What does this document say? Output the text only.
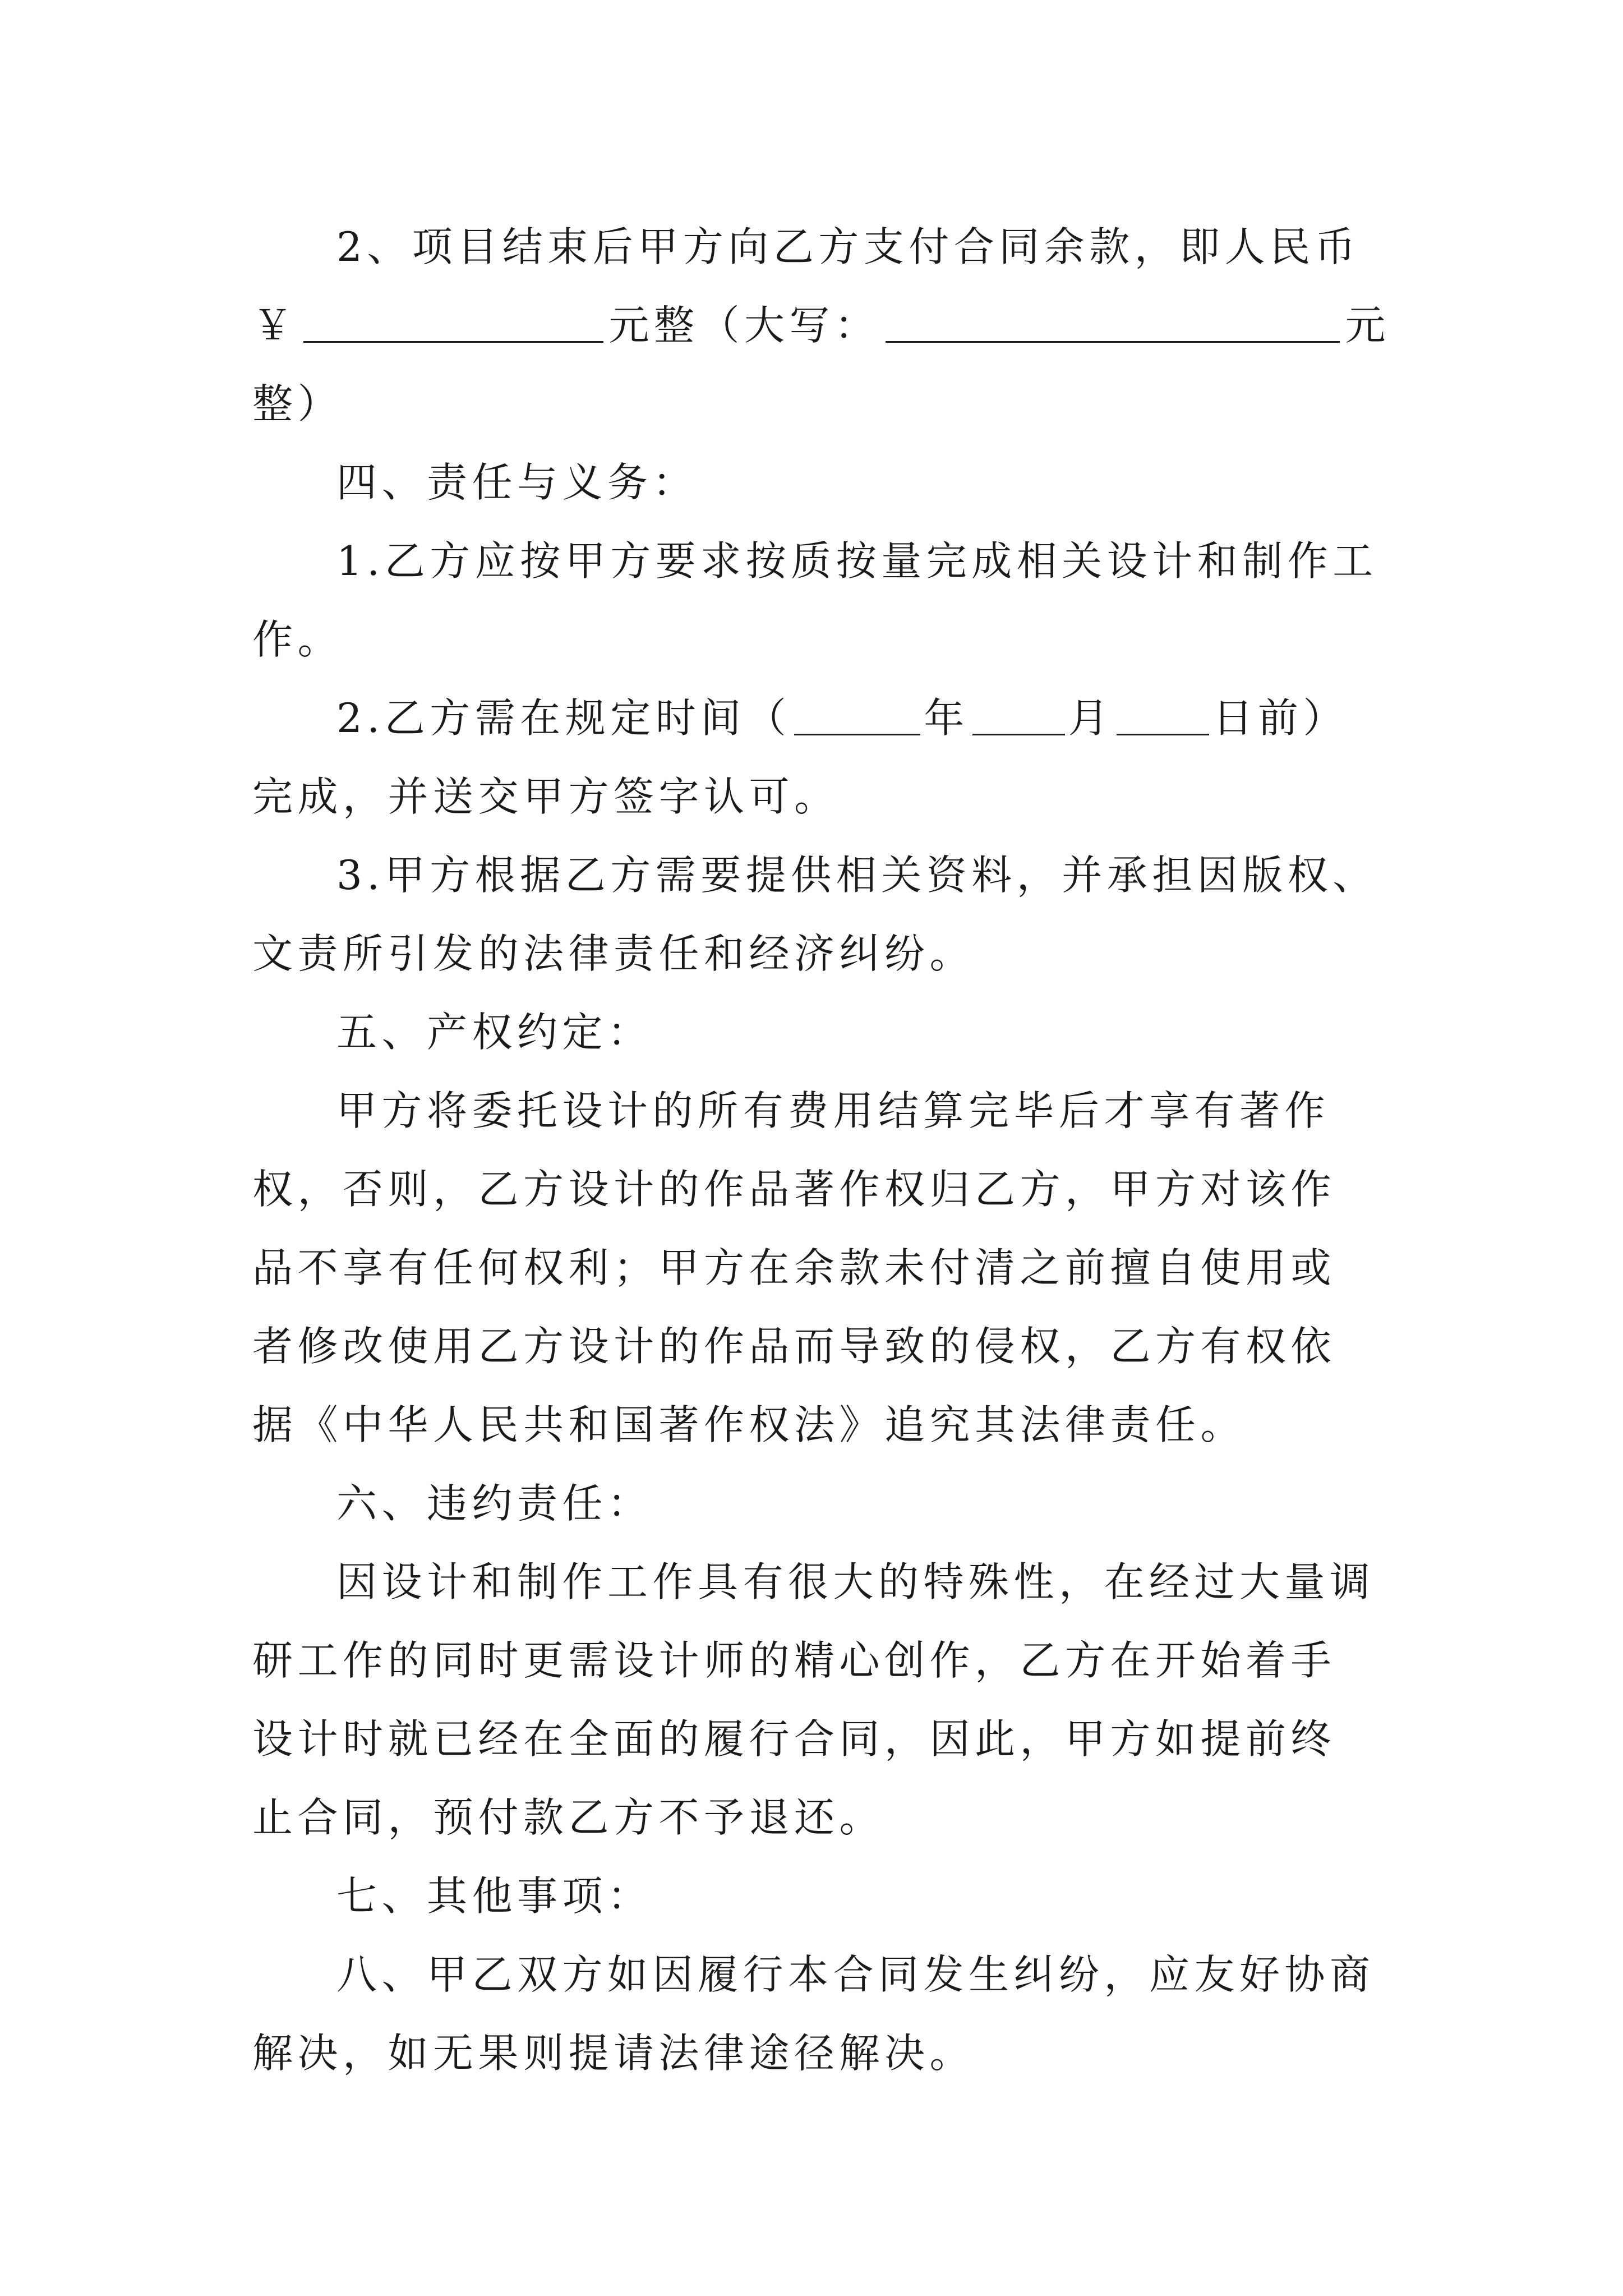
2、项目结束后甲方向乙方支付合同余款，即人民币
￥	元整（大写：	元
整）

四、责任与义务：

1.乙方应按甲方要求按质按量完成相关设计和制作工作。

2.乙方需在规定时间（	年 月 日前）完成，并送交甲方签字认可。

3.甲方根据乙方需要提供相关资料，并承担因版权、文责所引发的法律责任和经济纠纷。

五、产权约定：

甲方将委托设计的所有费用结算完毕后才享有著作权，否则，乙方设计的作品著作权归乙方，甲方对该作品不享有任何权利；甲方在余款未付清之前擅自使用或者修改使用乙方设计的作品而导致的侵权，乙方有权依据《中华人民共和国著作权法》追究其法律责任。

六、违约责任：

因设计和制作工作具有很大的特殊性，在经过大量调研工作的同时更需设计师的精心创作，乙方在开始着手设计时就已经在全面的履行合同，因此，甲方如提前终止合同，预付款乙方不予退还。

七、其他事项：

八、甲乙双方如因履行本合同发生纠纷，应友好协商解决，如无果则提请法律途径解决。
